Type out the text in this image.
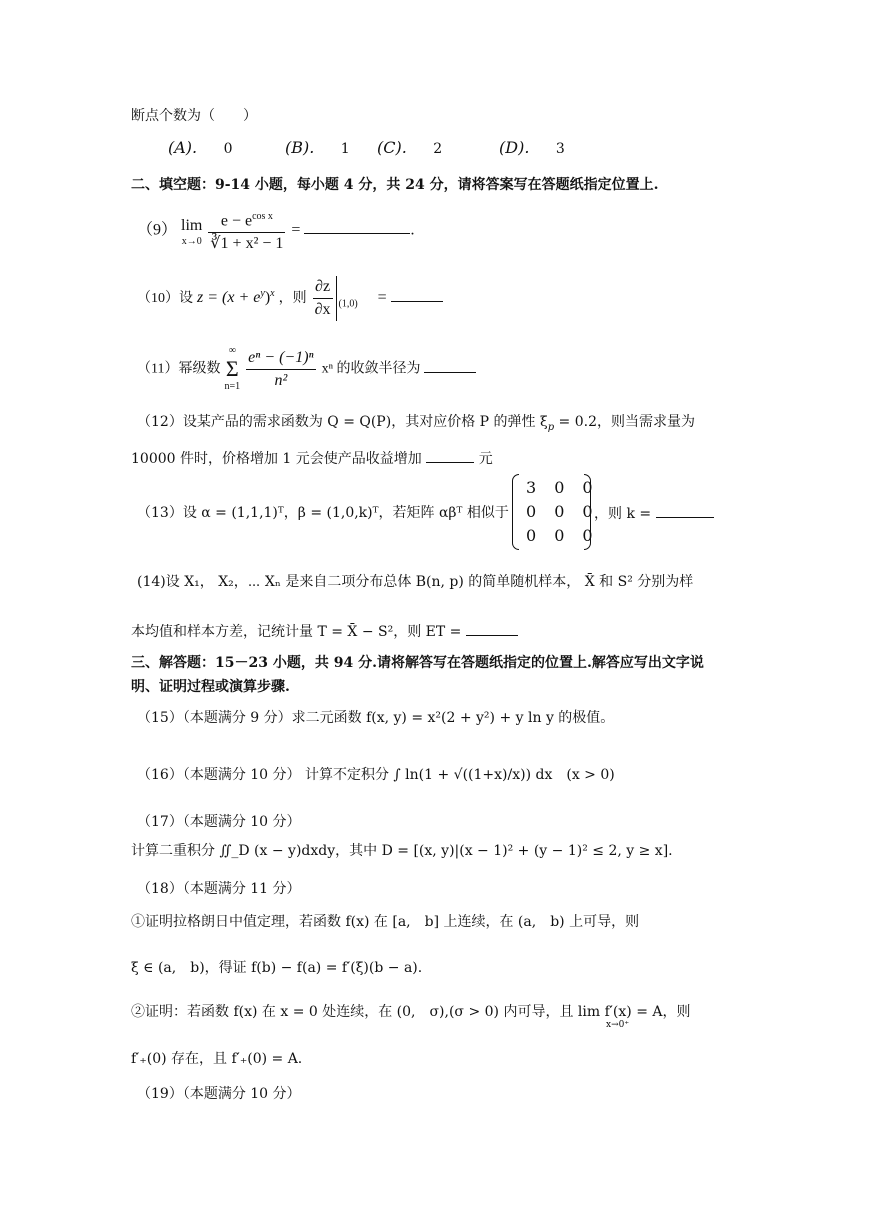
断点个数为（　　）
(A). 0	(B). 1 (C). 2	(D). 3
二、填空题：9-14 小题，每小题 4 分，共 24 分，请将答案写在答题纸指定位置上.
（9） lim
x→0
$\frac{e - e^{cos x}}{\text{∛1 + x² − 1}}$ =	.
（10）设 $z = (x + e^y)^x$ ，则 $\frac{\partial z}{\partial x} _{(1,0)}$ =
（11）幂级数
∞
Σ
n=1
$\frac{\text{eⁿ − (−1)ⁿ}}{\text{n²}}$ xⁿ 的收敛半径为
（12）设某产品的需求函数为 Q = Q(P)，其对应价格 P 的弹性 $\xi_p = 0.2$，则当需求量为
10000 件时，价格增加 1 元会使产品收益增加	元
（13）设 α = (1,1,1)ᵀ，β = (1,0,k)ᵀ，若矩阵 αβᵀ 相似于
3 0 0
0 0 0
0 0 0
，则 k =
(14)设 X₁， X₂，⋯ Xₙ 是来自二项分布总体 B(n, p) 的简单随机样本， X̄ 和 S² 分别为样
本均值和样本方差，记统计量 T = X̄ − S²，则 ET =
三、解答题：15－23 小题，共 94 分.请将解答写在答题纸指定的位置上.解答应写出文字说
明、证明过程或演算步骤.
（15）（本题满分 9 分）求二元函数 f(x, y) = x²(2 + y²) + y ln y 的极值。
（16）（本题满分 10 分） 计算不定积分 ∫ ln(1 + √((1+x)/x)) dx　(x > 0)
（17）（本题满分 10 分）
计算二重积分 ∬_D (x − y)dxdy，其中 D = [(x, y)|(x − 1)² + (y − 1)² ≤ 2, y ≥ x].
（18）（本题满分 11 分）
①证明拉格朗日中值定理，若函数 f(x) 在 [a,　b] 上连续，在 (a,　b) 上可导，则
ξ ∈ (a,　b)，得证 f(b) − f(a) = f′(ξ)(b − a).
②证明：若函数 f(x) 在 x = 0 处连续，在 (0,　σ),(σ > 0) 内可导，且 lim f′(x) = A，则
x→0⁺
f′₊(0) 存在，且 f′₊(0) = A.
（19）（本题满分 10 分）
